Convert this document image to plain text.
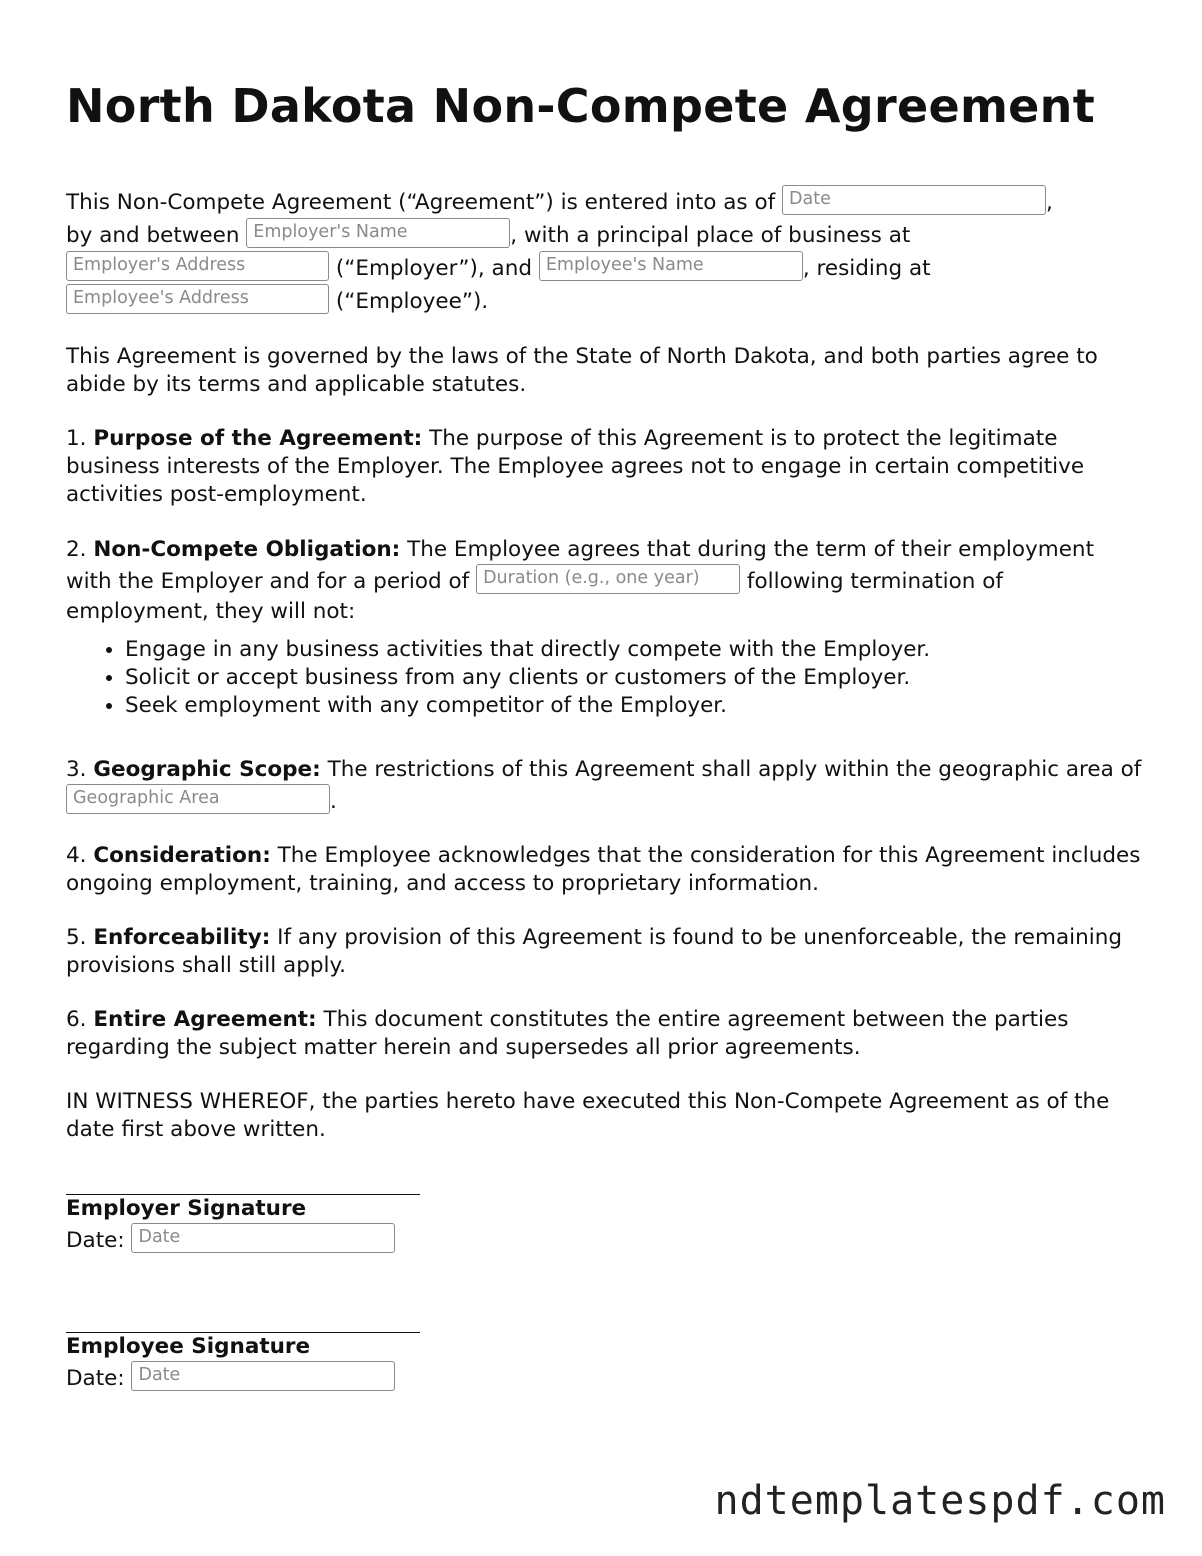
North Dakota Non-Compete Agreement

This Non-Compete Agreement (“Agreement”) is entered into as of Date	,
by and between Employer's Name	, with a principal place of business at
Employer's Address	(“Employer”), and Employee's Name	, residing at
Employee's Address	(“Employee”).

This Agreement is governed by the laws of the State of North Dakota, and both parties agree to abide by its terms and applicable statutes.

1. Purpose of the Agreement: The purpose of this Agreement is to protect the legitimate business interests of the Employer. The Employee agrees not to engage in certain competitive activities post-employment.

2. Non-Compete Obligation: The Employee agrees that during the term of their employment with the Employer and for a period of Duration (e.g., one year) following termination of employment, they will not:

• Engage in any business activities that directly compete with the Employer.
• Solicit or accept business from any clients or customers of the Employer.
• Seek employment with any competitor of the Employer.

3. Geographic Scope: The restrictions of this Agreement shall apply within the geographic area of Geographic Area	.

4. Consideration: The Employee acknowledges that the consideration for this Agreement includes ongoing employment, training, and access to proprietary information.

5. Enforceability: If any provision of this Agreement is found to be unenforceable, the remaining provisions shall still apply.

6. Entire Agreement: This document constitutes the entire agreement between the parties regarding the subject matter herein and supersedes all prior agreements.

IN WITNESS WHEREOF, the parties hereto have executed this Non-Compete Agreement as of the date first above written.

Employer Signature
Date: Date
Employee Signature
Date: Date
ndtemplatespdf.com
